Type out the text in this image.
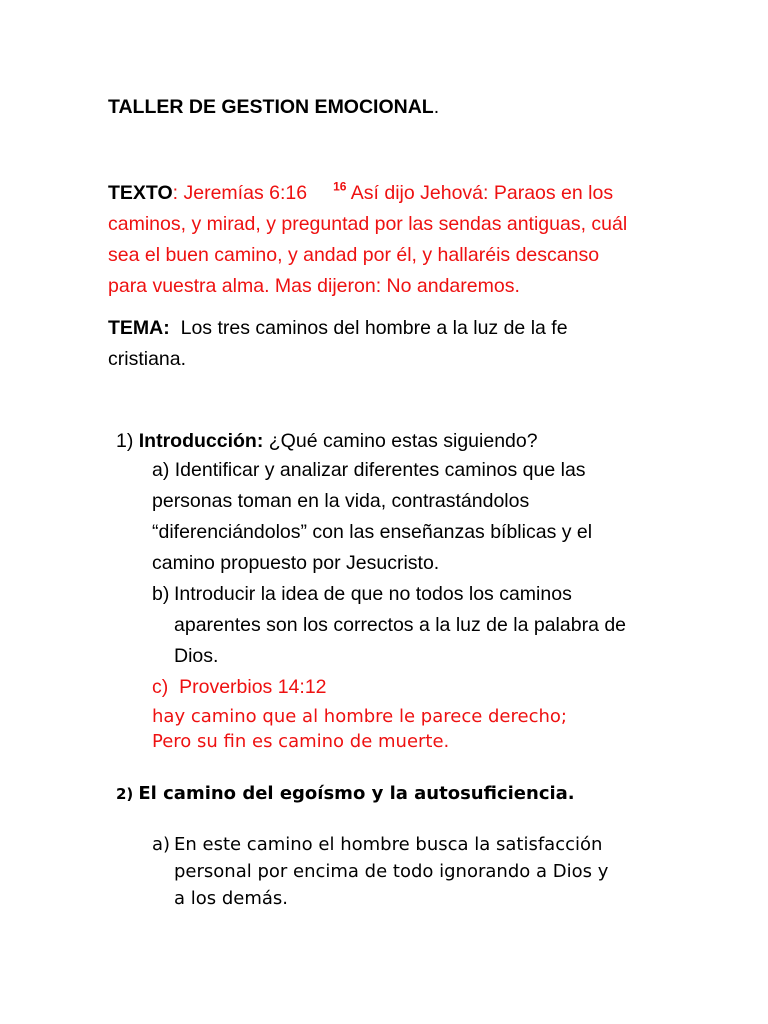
TALLER DE GESTION EMOCIONAL.
TEXTO: Jeremías 6:16 $^{16}$ Así dijo Jehová: Paraos en los
caminos, y mirad, y preguntad por las sendas antiguas, cuál
sea el buen camino, y andad por él, y hallaréis descanso
para vuestra alma. Mas dijeron: No andaremos.
TEMA: Los tres caminos del hombre a la luz de la fe
cristiana.
1) Introducción: ¿Qué camino estas siguiendo?
a) Identificar y analizar diferentes caminos que las
personas toman en la vida, contrastándolos
“diferenciándolos” con las enseñanzas bíblicas y el
camino propuesto por Jesucristo.
b) Introducir la idea de que no todos los caminos
aparentes son los correctos a la luz de la palabra de
Dios.
c) Proverbios 14:12
hay camino que al hombre le parece derecho;
Pero su fin es camino de muerte.
2) El camino del egoísmo y la autosuficiencia.
a) En este camino el hombre busca la satisfacción
personal por encima de todo ignorando a Dios y
a los demás.
